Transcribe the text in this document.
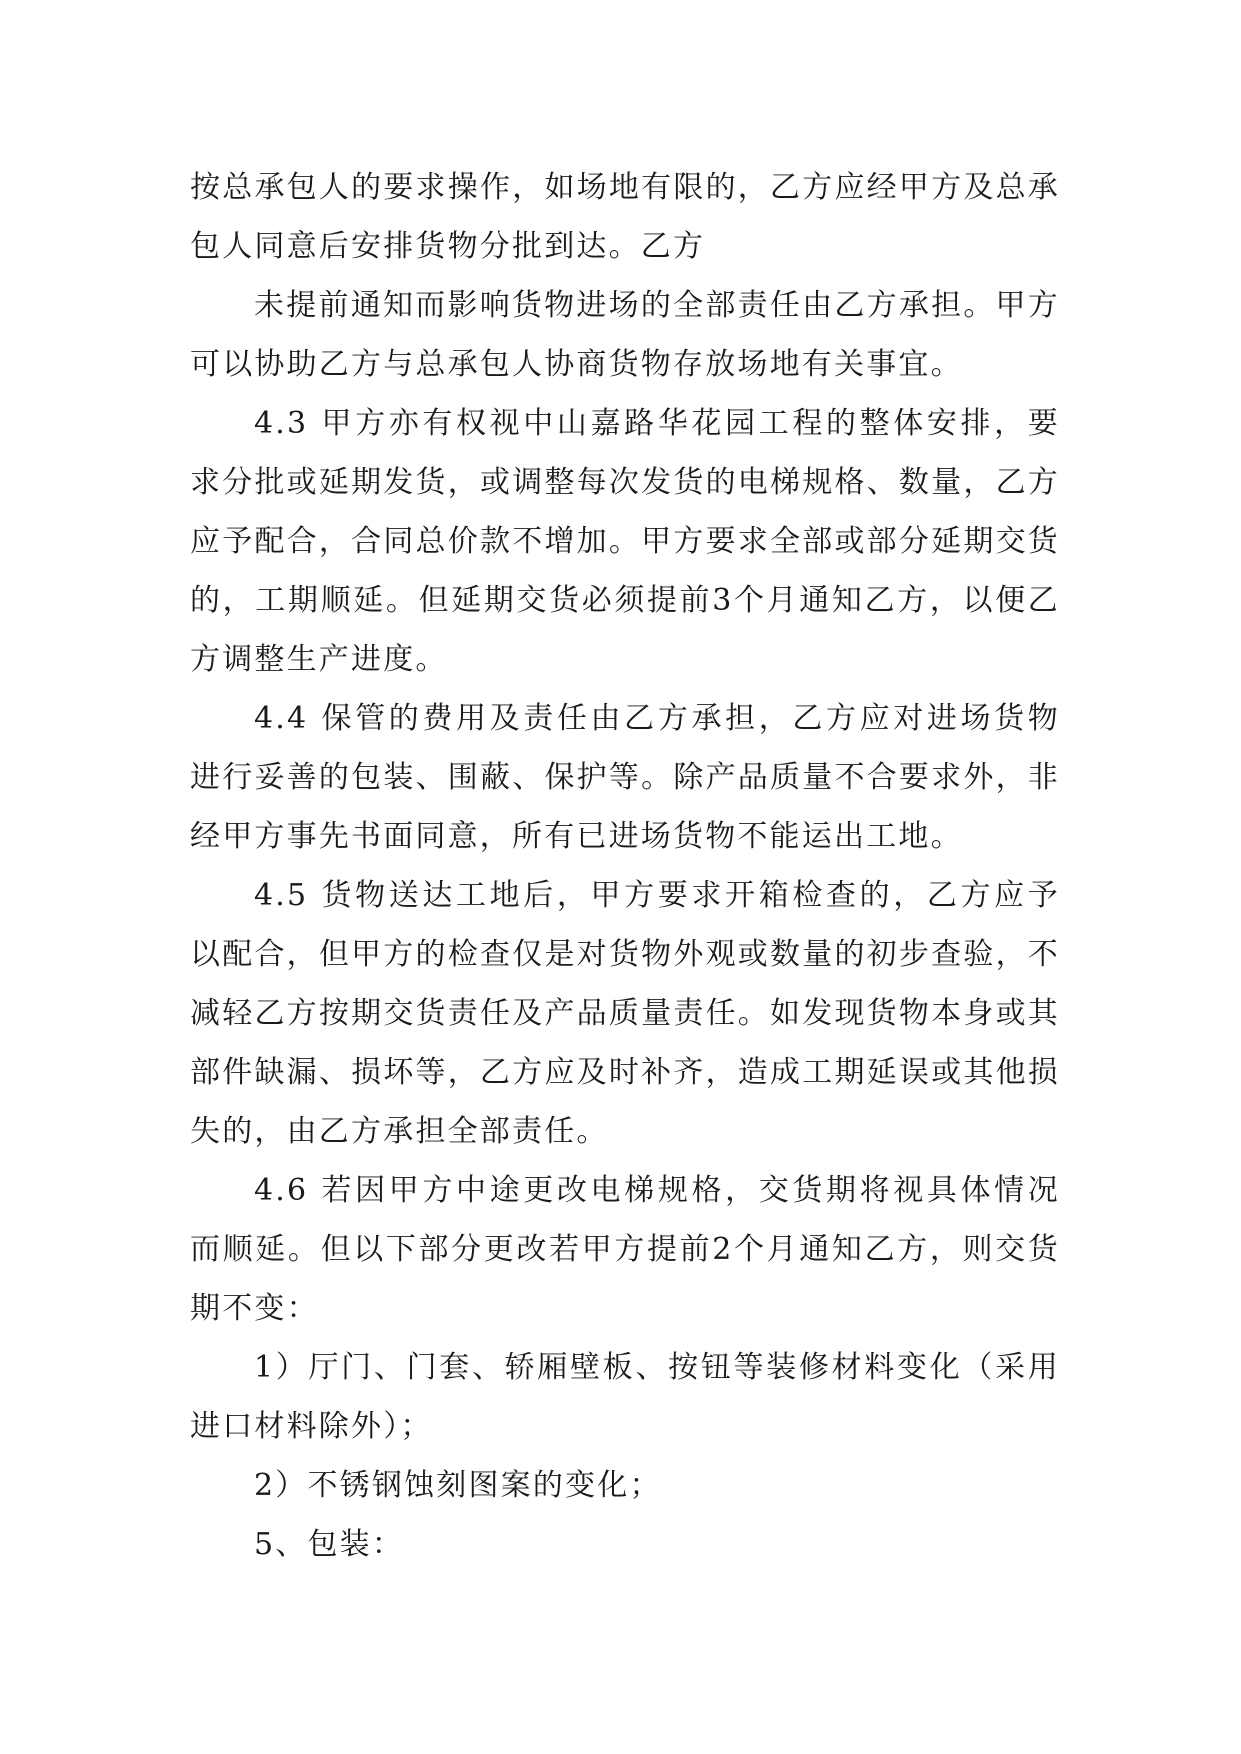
按总承包人的要求操作，如场地有限的，乙方应经甲方及总承包人同意后安排货物分批到达。乙方

未提前通知而影响货物进场的全部责任由乙方承担。甲方可以协助乙方与总承包人协商货物存放场地有关事宜。

4.3 甲方亦有权视中山嘉路华花园工程的整体安排，要求分批或延期发货，或调整每次发货的电梯规格、数量，乙方应予配合，合同总价款不增加。甲方要求全部或部分延期交货的，工期顺延。但延期交货必须提前3个月通知乙方，以便乙方调整生产进度。

4.4 保管的费用及责任由乙方承担，乙方应对进场货物进行妥善的包装、围蔽、保护等。除产品质量不合要求外，非经甲方事先书面同意，所有已进场货物不能运出工地。

4.5 货物送达工地后，甲方要求开箱检查的，乙方应予以配合，但甲方的检查仅是对货物外观或数量的初步查验，不减轻乙方按期交货责任及产品质量责任。如发现货物本身或其部件缺漏、损坏等，乙方应及时补齐，造成工期延误或其他损失的，由乙方承担全部责任。

4.6 若因甲方中途更改电梯规格，交货期将视具体情况而顺延。但以下部分更改若甲方提前2个月通知乙方，则交货期不变：

1）厅门、门套、轿厢壁板、按钮等装修材料变化（采用进口材料除外）；

2）不锈钢蚀刻图案的变化；

5、包装：
